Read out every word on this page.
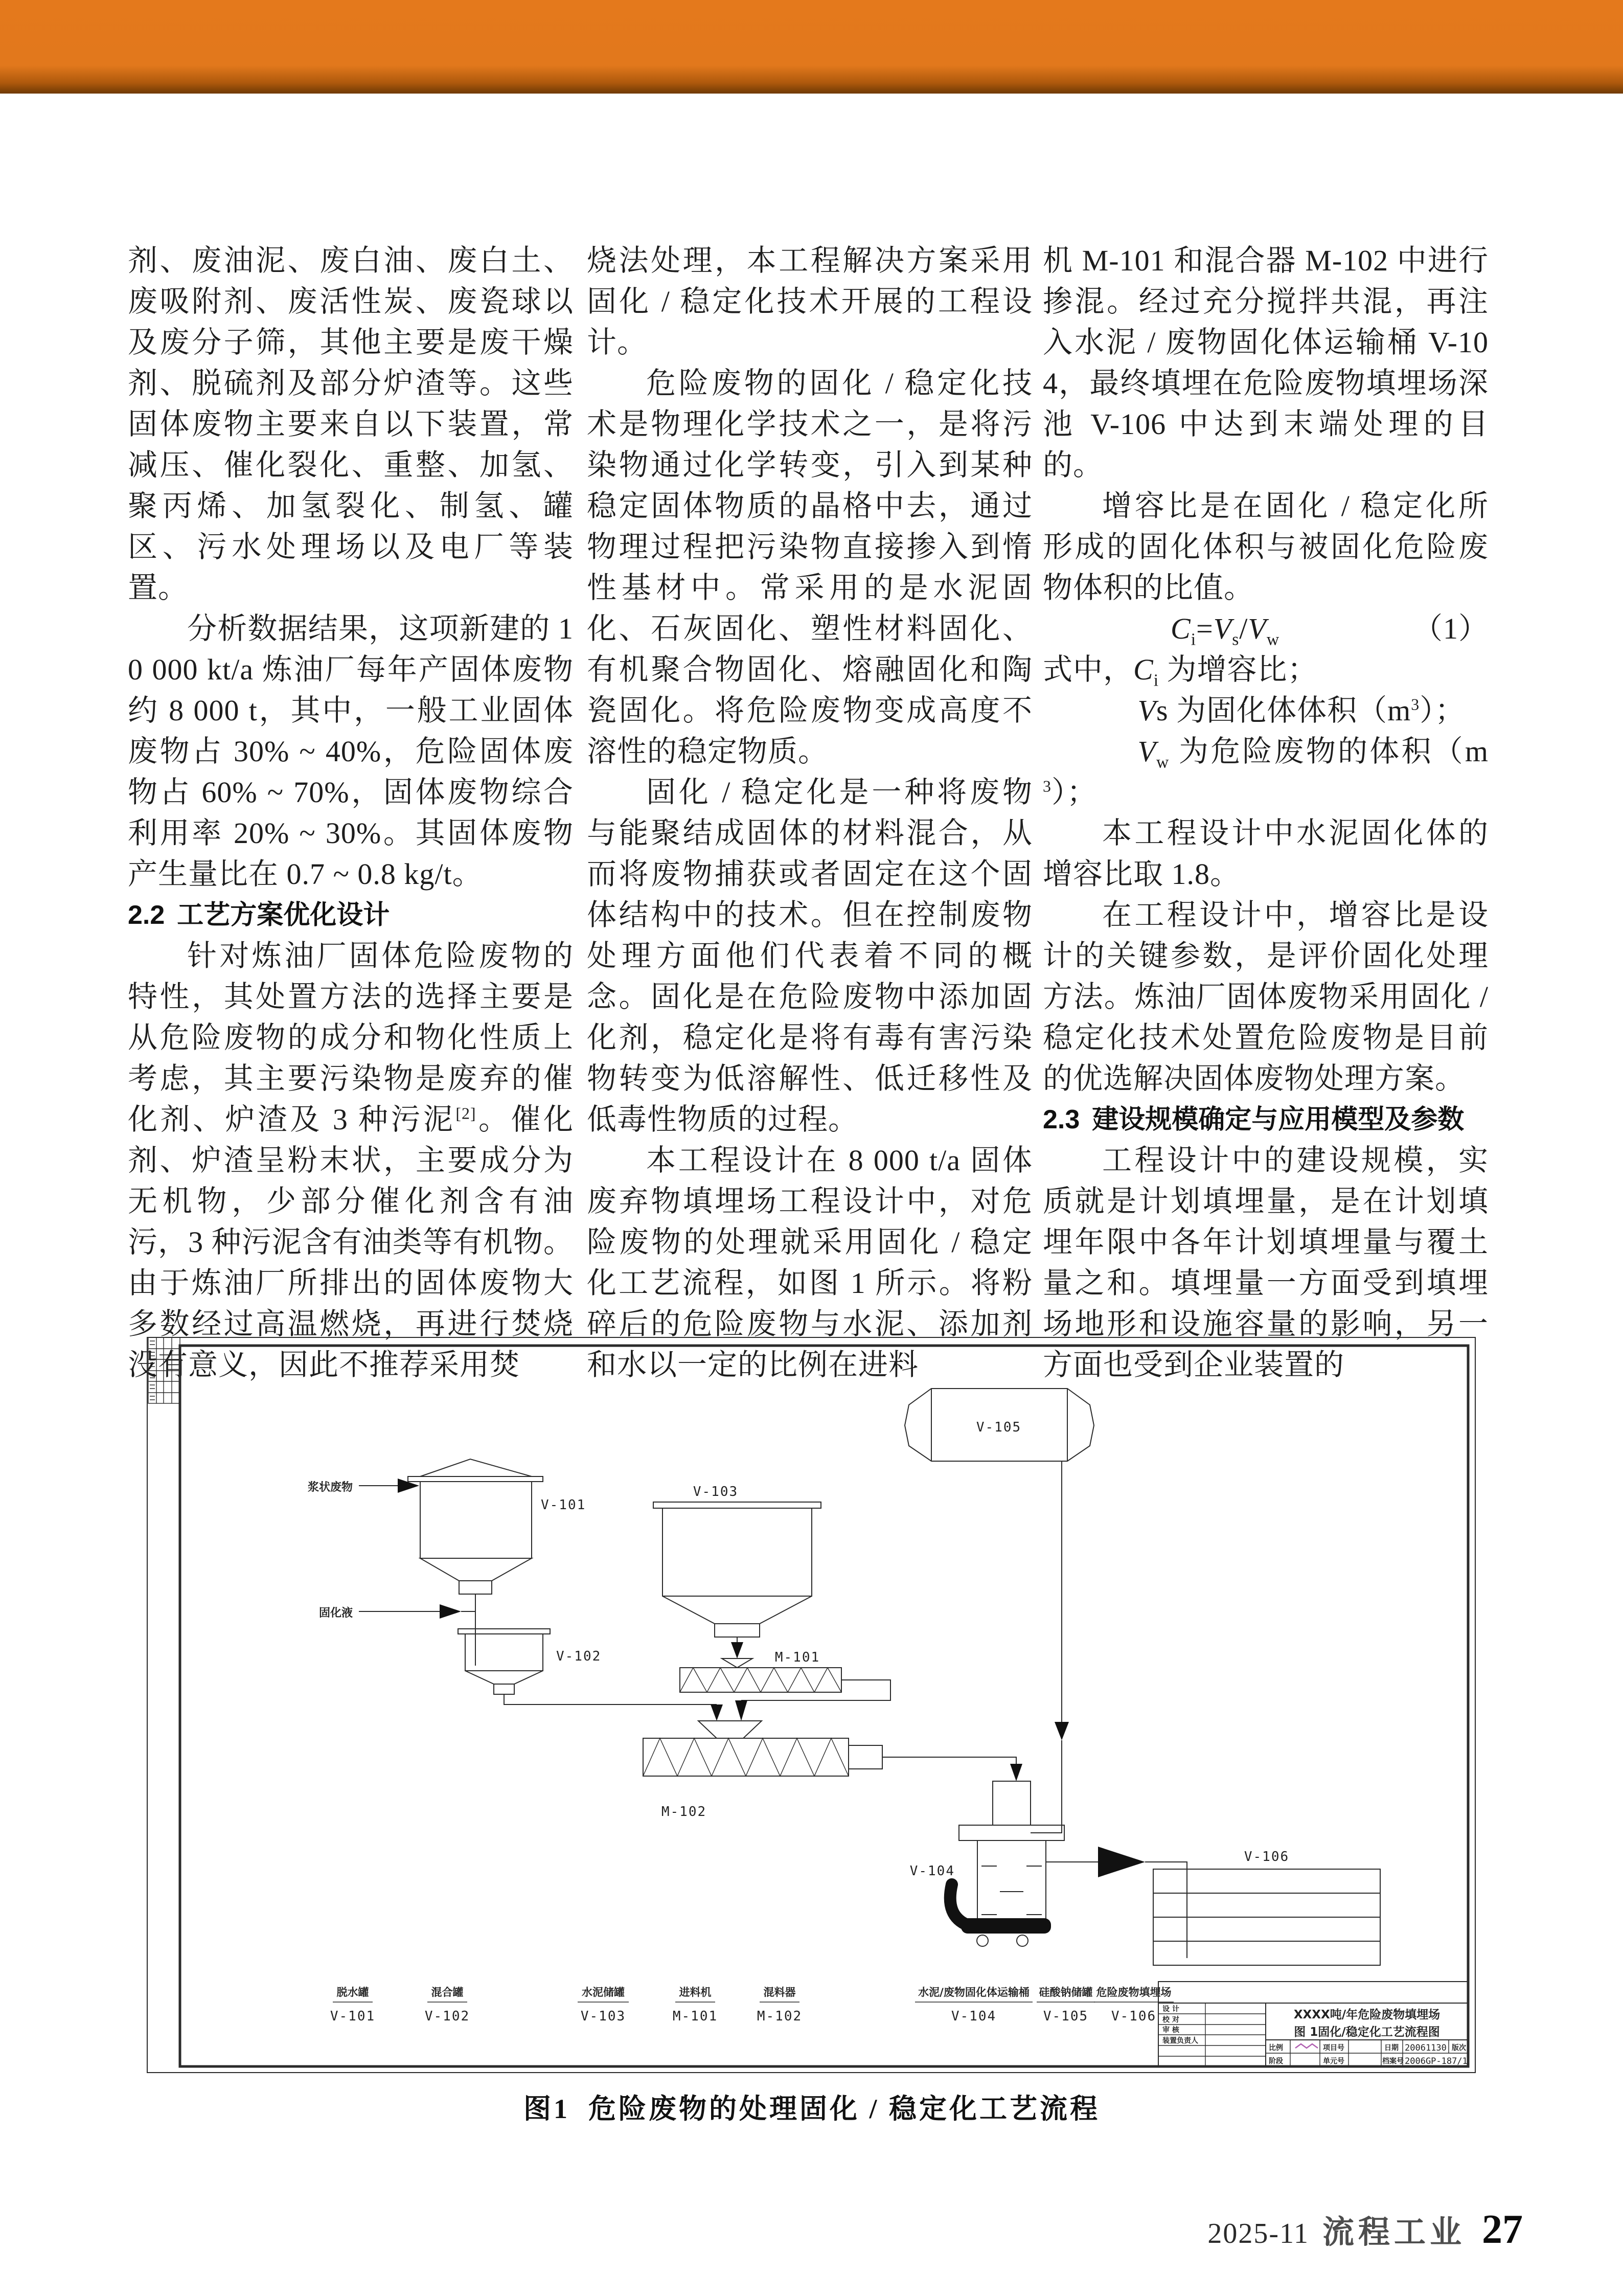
剂、废油泥、废白油、废白土、废吸附剂、废活性炭、废瓷球以及废分子筛，其他主要是废干燥剂、脱硫剂及部分炉渣等。这些固体废物主要来自以下装置，常减压、催化裂化、重整、加氢、聚丙烯、加氢裂化、制氢、罐区、污水处理场以及电厂等装置。

分析数据结果，这项新建的 10 000 kt/a 炼油厂每年产固体废物约 8 000 t，其中，一般工业固体废物占 30% ~ 40%，危险固体废物占 60% ~ 70%，固体废物综合利用率 20% ~ 30%。其固体废物产生量比在 0.7 ~ 0.8 kg/t。

2.2 工艺方案优化设计

针对炼油厂固体危险废物的特性，其处置方法的选择主要是从危险废物的成分和物化性质上考虑，其主要污染物是废弃的催化剂、炉渣及 3 种污泥[2]。催化剂、炉渣呈粉末状，主要成分为无机物，少部分催化剂含有油污，3 种污泥含有油类等有机物。由于炼油厂所排出的固体废物大多数经过高温燃烧，再进行焚烧没有意义，因此不推荐采用焚

烧法处理，本工程解决方案采用固化 / 稳定化技术开展的工程设计。

危险废物的固化 / 稳定化技术是物理化学技术之一，是将污染物通过化学转变，引入到某种稳定固体物质的晶格中去，通过物理过程把污染物直接掺入到惰性基材中。常采用的是水泥固化、石灰固化、塑性材料固化、有机聚合物固化、熔融固化和陶瓷固化。将危险废物变成高度不溶性的稳定物质。

固化 / 稳定化是一种将废物与能聚结成固体的材料混合，从而将废物捕获或者固定在这个固体结构中的技术。但在控制废物处理方面他们代表着不同的概念。固化是在危险废物中添加固化剂，稳定化是将有毒有害污染物转变为低溶解性、低迁移性及低毒性物质的过程。

本工程设计在 8 000 t/a 固体废弃物填埋场工程设计中，对危险废物的处理就采用固化 / 稳定化工艺流程，如图 1 所示。将粉碎后的危险废物与水泥、添加剂和水以一定的比例在进料

机 M-101 和混合器 M-102 中进行掺混。经过充分搅拌共混，再注入水泥 / 废物固化体运输桶 V-104，最终填埋在危险废物填埋场深池 V-106 中达到末端处理的目的。

增容比是在固化 / 稳定化所形成的固化体积与被固化危险废物体积的比值。

$C_i=V_s/V_w$	（1）

式中，$C_i$ 为增容比；

Vs 为固化体体积$(m^3)$；

$V_w$ 为危险废物的体积$(m^3)$；

本工程设计中水泥固化体的增容比取 1.8。

在工程设计中，增容比是设计的关键参数，是评价固化处理方法。炼油厂固体废物采用固化 / 稳定化技术处置危险废物是目前的优选解决固体废物处理方案。

2.3 建设规模确定与应用模型及参数

工程设计中的建设规模，实质就是计划填埋量，是在计划填埋年限中各年计划填埋量与覆土量之和。填埋量一方面受到填埋场地形和设施容量的影响，另一方面也受到企业装置的

V-105
V-101
浆状废物
固化液
V-102
V-103
M-101
M-102
V-104
V-106
脱水罐
V-101
混合罐
V-102
水泥储罐
V-103
进料机
M-101
混料器
M-102
水泥/废物固化体运输桶
V-104
硅酸钠储罐
V-105
危险废物填埋场
V-106 设 计
校 对
审 核
装置负责人
XXXX吨/年危险废物填埋场
图 1固化/稳定化工艺流程图
比例	项目号	日期 20061130 版次
阶段	单元号	档案号 2006GP-187/1
图1 危险废物的处理固化 / 稳定化工艺流程
2025-11 流程工业 27
